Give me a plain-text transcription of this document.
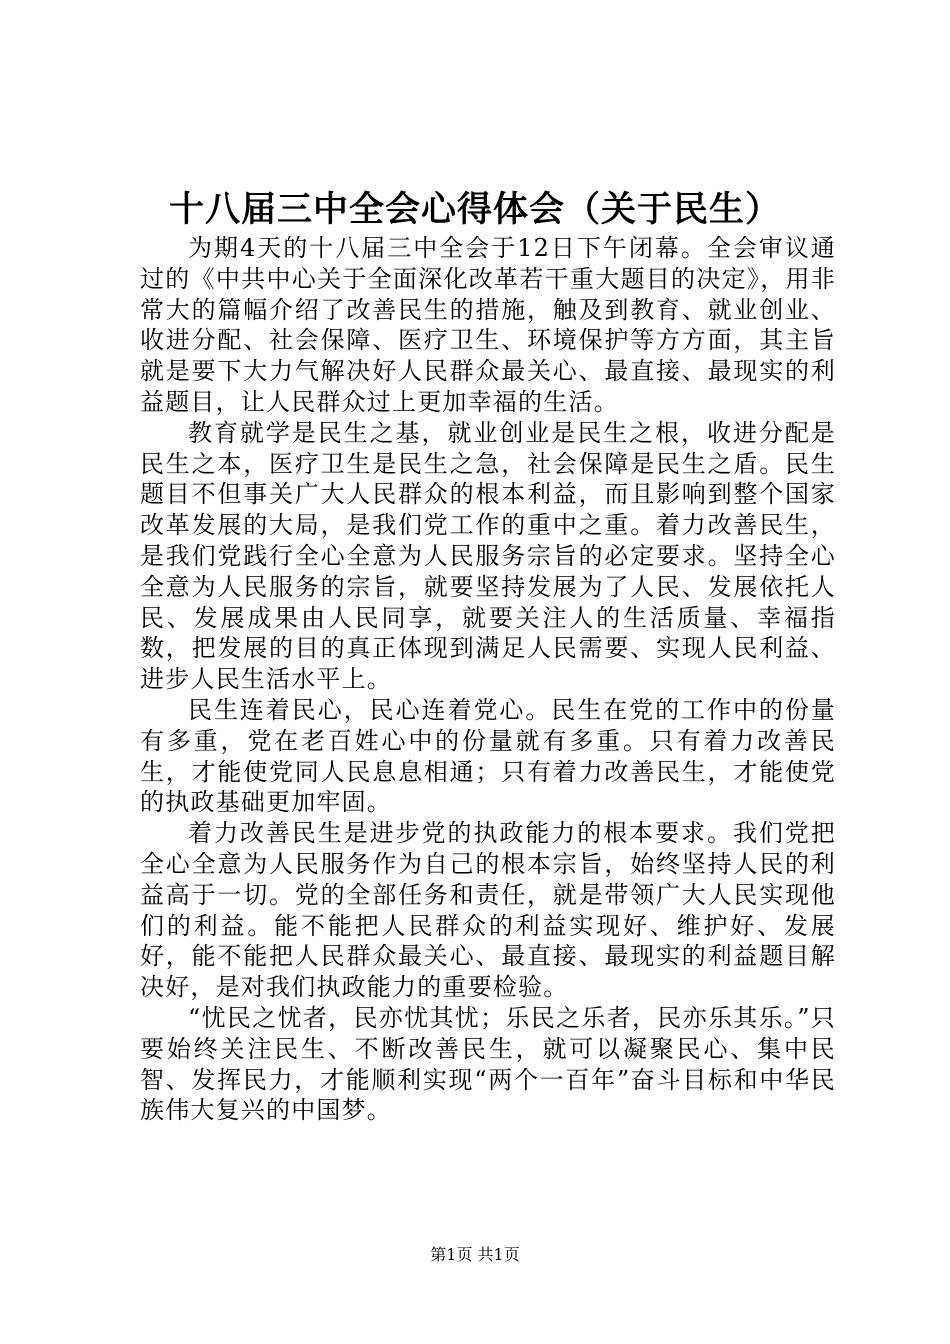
十八届三中全会心得体会（关于民生）

为期4天的十八届三中全会于12日下午闭幕。全会审议通过的《中共中心关于全面深化改革若干重大题目的决定》，用非常大的篇幅介绍了改善民生的措施，触及到教育、就业创业、收进分配、社会保障、医疗卫生、环境保护等方方面，其主旨就是要下大力气解决好人民群众最关心、最直接、最现实的利益题目，让人民群众过上更加幸福的生活。

教育就学是民生之基，就业创业是民生之根，收进分配是民生之本，医疗卫生是民生之急，社会保障是民生之盾。民生题目不但事关广大人民群众的根本利益，而且影响到整个国家改革发展的大局，是我们党工作的重中之重。着力改善民生，是我们党践行全心全意为人民服务宗旨的必定要求。坚持全心全意为人民服务的宗旨，就要坚持发展为了人民、发展依托人民、发展成果由人民同享，就要关注人的生活质量、幸福指数，把发展的目的真正体现到满足人民需要、实现人民利益、进步人民生活水平上。

民生连着民心，民心连着党心。民生在党的工作中的份量有多重，党在老百姓心中的份量就有多重。只有着力改善民生，才能使党同人民息息相通；只有着力改善民生，才能使党的执政基础更加牢固。

着力改善民生是进步党的执政能力的根本要求。我们党把全心全意为人民服务作为自己的根本宗旨，始终坚持人民的利益高于一切。党的全部任务和责任，就是带领广大人民实现他们的利益。能不能把人民群众的利益实现好、维护好、发展好，能不能把人民群众最关心、最直接、最现实的利益题目解决好，是对我们执政能力的重要检验。

“忧民之忧者，民亦忧其忧；乐民之乐者，民亦乐其乐。”只要始终关注民生、不断改善民生，就可以凝聚民心、集中民智、发挥民力，才能顺利实现“两个一百年”奋斗目标和中华民族伟大复兴的中国梦。

第1页 共1页
